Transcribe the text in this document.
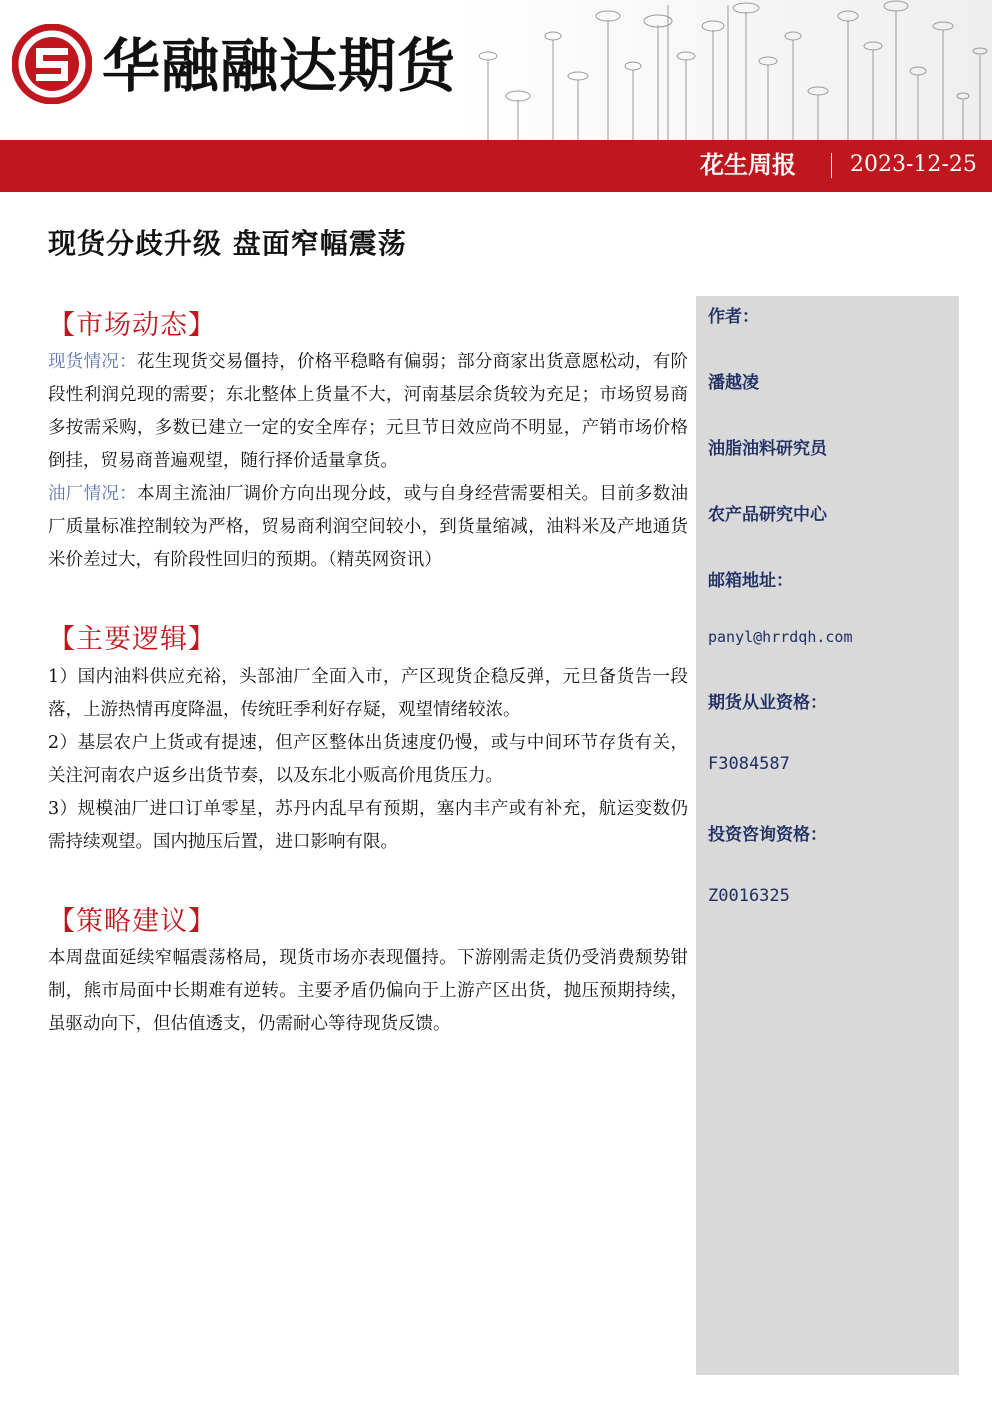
华融融达期货
花生周报 2023-12-25
现货分歧升级 盘面窄幅震荡
【市场动态】
现货情况：花生现货交易僵持，价格平稳略有偏弱；部分商家出货意愿松动，有阶段性利润兑现的需要；东北整体上货量不大，河南基层余货较为充足；市场贸易商多按需采购，多数已建立一定的安全库存；元旦节日效应尚不明显，产销市场价格倒挂，贸易商普遍观望，随行择价适量拿货。
油厂情况：本周主流油厂调价方向出现分歧，或与自身经营需要相关。目前多数油厂质量标准控制较为严格，贸易商利润空间较小，到货量缩减，油料米及产地通货米价差过大，有阶段性回归的预期。（精英网资讯）
【主要逻辑】
1）国内油料供应充裕，头部油厂全面入市，产区现货企稳反弹，元旦备货告一段落，上游热情再度降温，传统旺季利好存疑，观望情绪较浓。
2）基层农户上货或有提速，但产区整体出货速度仍慢，或与中间环节存货有关，关注河南农户返乡出货节奏，以及东北小贩高价甩货压力。
3）规模油厂进口订单零星，苏丹内乱早有预期，塞内丰产或有补充，航运变数仍需持续观望。国内抛压后置，进口影响有限。
【策略建议】
本周盘面延续窄幅震荡格局，现货市场亦表现僵持。下游刚需走货仍受消费颓势钳制，熊市局面中长期难有逆转。主要矛盾仍偏向于上游产区出货，抛压预期持续，虽驱动向下，但估值透支，仍需耐心等待现货反馈。
作者：
潘越凌
油脂油料研究员
农产品研究中心
邮箱地址：
panyl@hrrdqh.com
期货从业资格：
F3084587
投资咨询资格：
Z0016325
